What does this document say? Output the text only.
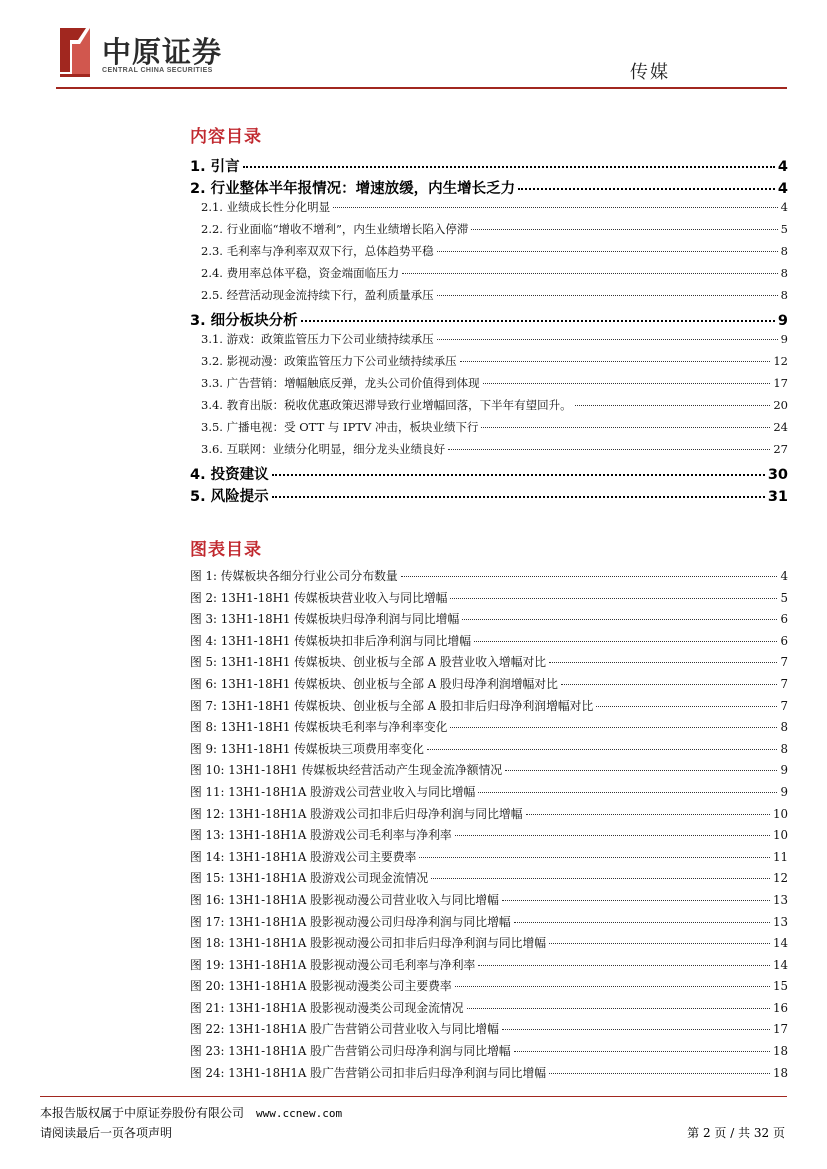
中原证券
CENTRAL CHINA SECURITIES	传媒
内容目录
1. 引言	4
2. 行业整体半年报情况：增速放缓，内生增长乏力	4
2.1. 业绩成长性分化明显	4
2.2. 行业面临“增收不增利”，内生业绩增长陷入停滞	5
2.3. 毛利率与净利率双双下行，总体趋势平稳	8
2.4. 费用率总体平稳，资金端面临压力	8
2.5. 经营活动现金流持续下行，盈利质量承压	8
3. 细分板块分析	9
3.1. 游戏：政策监管压力下公司业绩持续承压	9
3.2. 影视动漫：政策监管压力下公司业绩持续承压	12
3.3. 广告营销：增幅触底反弹，龙头公司价值得到体现	17
3.4. 教育出版：税收优惠政策迟滞导致行业增幅回落，下半年有望回升。	20
3.5. 广播电视：受 OTT 与 IPTV 冲击，板块业绩下行	24
3.6. 互联网：业绩分化明显，细分龙头业绩良好	27
4. 投资建议	30
5. 风险提示	31
图表目录
图 1: 传媒板块各细分行业公司分布数量	4
图 2: 13H1-18H1 传媒板块营业收入与同比增幅	5
图 3: 13H1-18H1 传媒板块归母净利润与同比增幅	6
图 4: 13H1-18H1 传媒板块扣非后净利润与同比增幅	6
图 5: 13H1-18H1 传媒板块、创业板与全部 A 股营业收入增幅对比	7
图 6: 13H1-18H1 传媒板块、创业板与全部 A 股归母净利润增幅对比	7
图 7: 13H1-18H1 传媒板块、创业板与全部 A 股扣非后归母净利润增幅对比	7
图 8: 13H1-18H1 传媒板块毛利率与净利率变化	8
图 9: 13H1-18H1 传媒板块三项费用率变化	8
图 10: 13H1-18H1 传媒板块经营活动产生现金流净额情况	9
图 11: 13H1-18H1A 股游戏公司营业收入与同比增幅	9
图 12: 13H1-18H1A 股游戏公司扣非后归母净利润与同比增幅	10
图 13: 13H1-18H1A 股游戏公司毛利率与净利率	10
图 14: 13H1-18H1A 股游戏公司主要费率	11
图 15: 13H1-18H1A 股游戏公司现金流情况	12
图 16: 13H1-18H1A 股影视动漫公司营业收入与同比增幅	13
图 17: 13H1-18H1A 股影视动漫公司归母净利润与同比增幅	13
图 18: 13H1-18H1A 股影视动漫公司扣非后归母净利润与同比增幅	14
图 19: 13H1-18H1A 股影视动漫公司毛利率与净利率	14
图 20: 13H1-18H1A 股影视动漫类公司主要费率	15
图 21: 13H1-18H1A 股影视动漫类公司现金流情况	16
图 22: 13H1-18H1A 股广告营销公司营业收入与同比增幅	17
图 23: 13H1-18H1A 股广告营销公司归母净利润与同比增幅	18
图 24: 13H1-18H1A 股广告营销公司扣非后归母净利润与同比增幅	18
本报告版权属于中原证券股份有限公司 www.ccnew.com
请阅读最后一页各项声明	第 2 页 / 共 32 页
